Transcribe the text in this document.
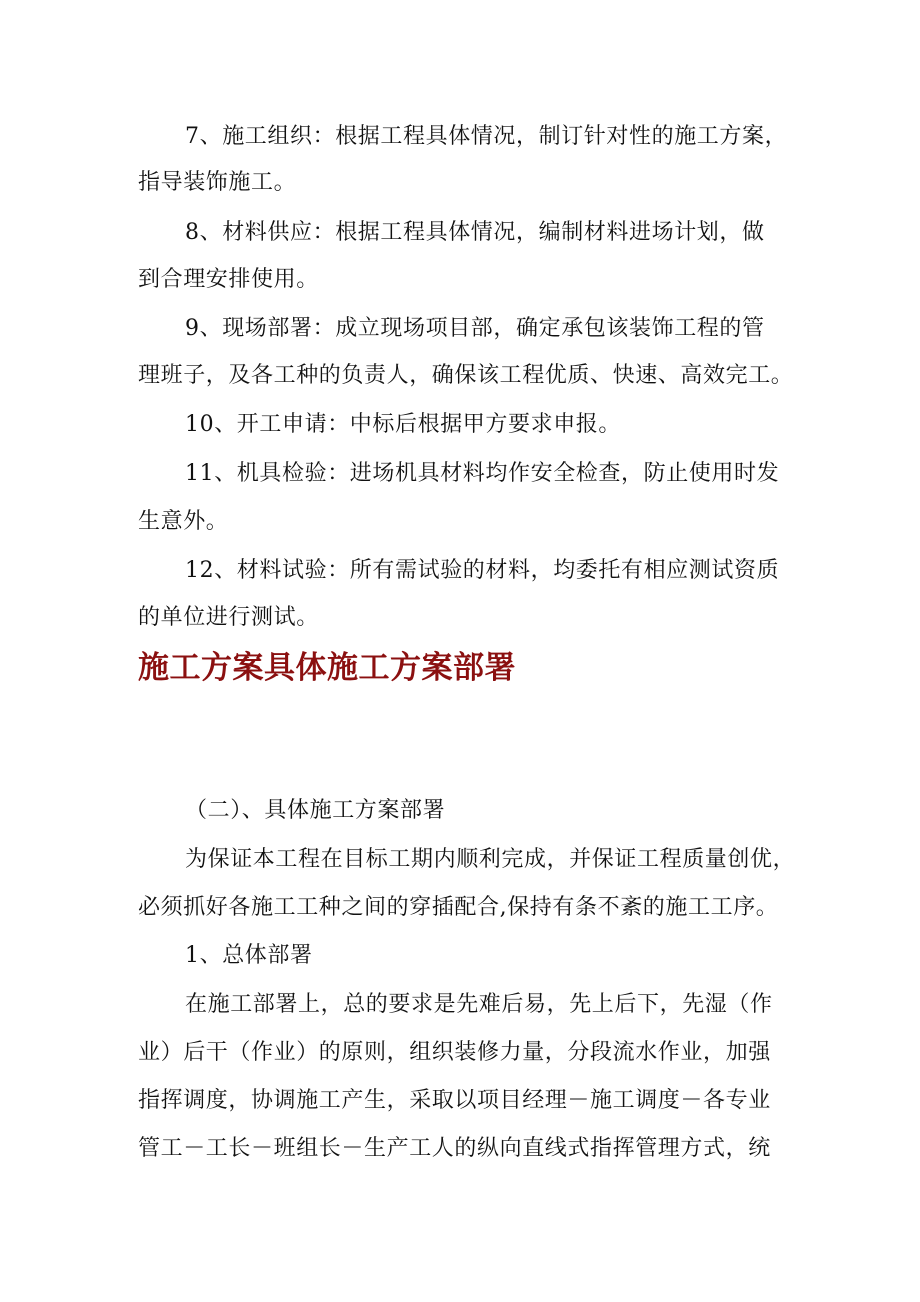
7、施工组织：根据工程具体情况，制订针对性的施工方案，
指导装饰施工。
8、材料供应：根据工程具体情况，编制材料进场计划，做
到合理安排使用。
9、现场部署：成立现场项目部，确定承包该装饰工程的管
理班子，及各工种的负责人，确保该工程优质、快速、高效完工。
10、开工申请：中标后根据甲方要求申报。
11、机具检验：进场机具材料均作安全检查，防止使用时发
生意外。
12、材料试验：所有需试验的材料，均委托有相应测试资质
的单位进行测试。
施工方案具体施工方案部署
（二）、具体施工方案部署
为保证本工程在目标工期内顺利完成，并保证工程质量创优，
必须抓好各施工工种之间的穿插配合,保持有条不紊的施工工序。
1、总体部署
在施工部署上，总的要求是先难后易，先上后下，先湿（作
业）后干（作业）的原则，组织装修力量，分段流水作业，加强
指挥调度，协调施工产生，采取以项目经理－施工调度－各专业
管工－工长－班组长－生产工人的纵向直线式指挥管理方式，统
